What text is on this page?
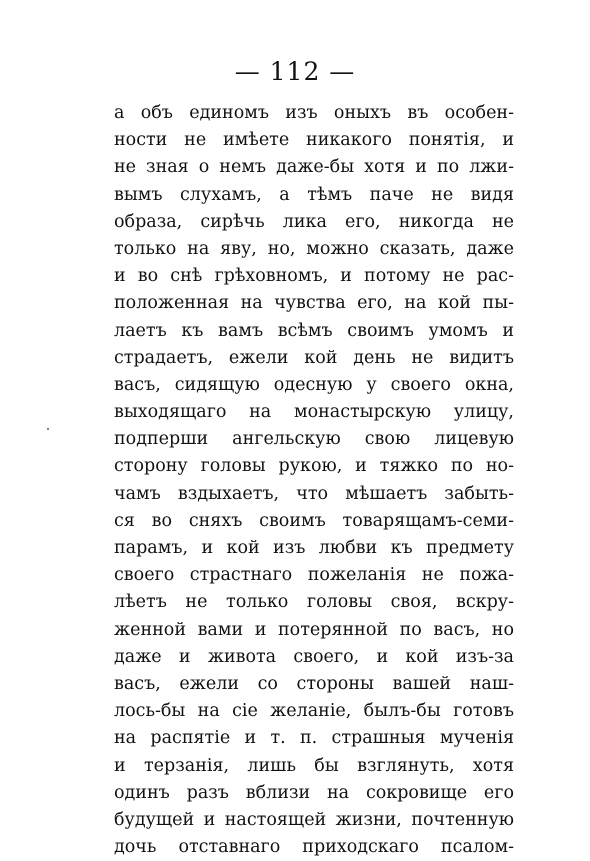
— 112 —
а объ единомъ изъ оныхъ въ особен-
ности не имѣете никакого понятія, и
не зная о немъ даже-бы хотя и по лжи-
вымъ слухамъ, а тѣмъ паче не видя
образа, сирѣчь лика его, никогда не
только на яву, но, можно сказать, даже
и во снѣ грѣховномъ, и потому не рас-
положенная на чувства его, на кой пы-
лаетъ къ вамъ всѣмъ своимъ умомъ и
страдаетъ, ежели кой день не видитъ
васъ, сидящую одесную у своего окна,
выходящаго на монастырскую улицу,
подперши ангельскую свою лицевую
сторону головы рукою, и тяжко по но-
чамъ вздыхаетъ, что мѣшаетъ забыть-
ся во сняхъ своимъ товарящамъ-семи-
парамъ, и кой изъ любви къ предмету
своего страстнаго пожеланія не пожа-
лѣетъ не только головы своя, вскру-
женной вами и потерянной по васъ, но
даже и живота своего, и кой изъ-за
васъ, ежели со стороны вашей наш-
лось-бы на сіе желаніе, былъ-бы готовъ
на распятіе и т. п. страшныя мученія
и терзанія, лишь бы взглянуть, хотя
одинъ разъ вблизи на сокровище его
будущей и настоящей жизни, почтенную
дочь отставнаго приходскаго псалом-
